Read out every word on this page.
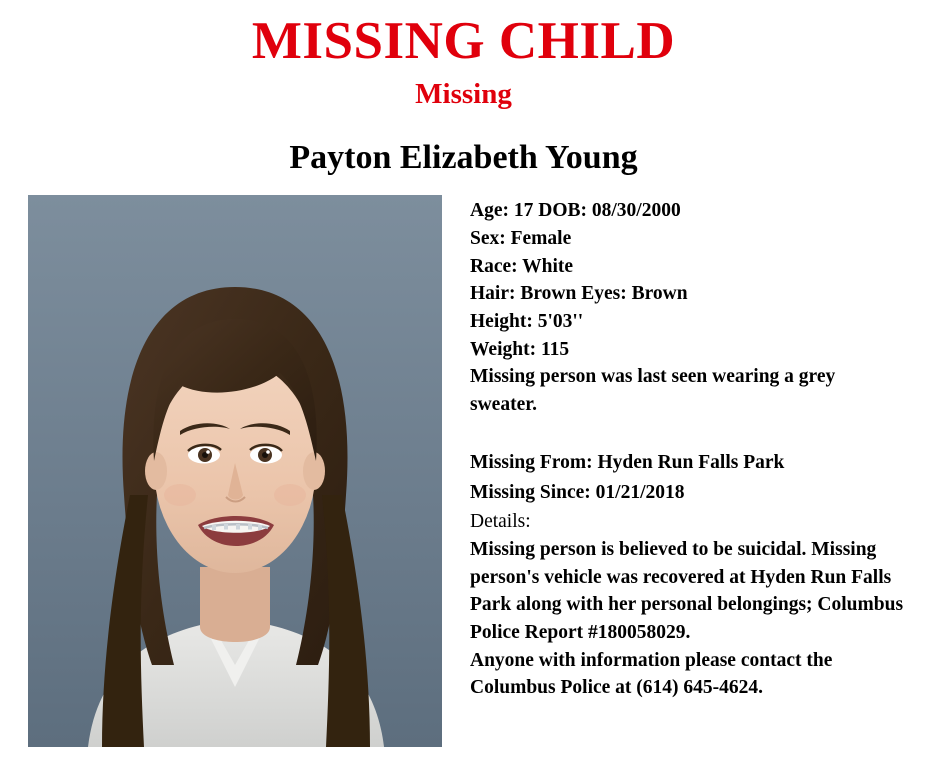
MISSING CHILD
Missing
Payton Elizabeth Young

Age: 17 DOB: 08/30/2000

Sex: Female

Race: White

Hair: Brown Eyes: Brown

Height: 5'03''

Weight: 115

Missing person was last seen wearing a grey sweater.

Missing From: Hyden Run Falls Park

Missing Since: 01/21/2018

Details:

Missing person is believed to be suicidal. Missing person's vehicle was recovered at Hyden Run Falls Park along with her personal belongings; Columbus Police Report #180058029.

Anyone with information please contact the Columbus Police at (614) 645-4624.
